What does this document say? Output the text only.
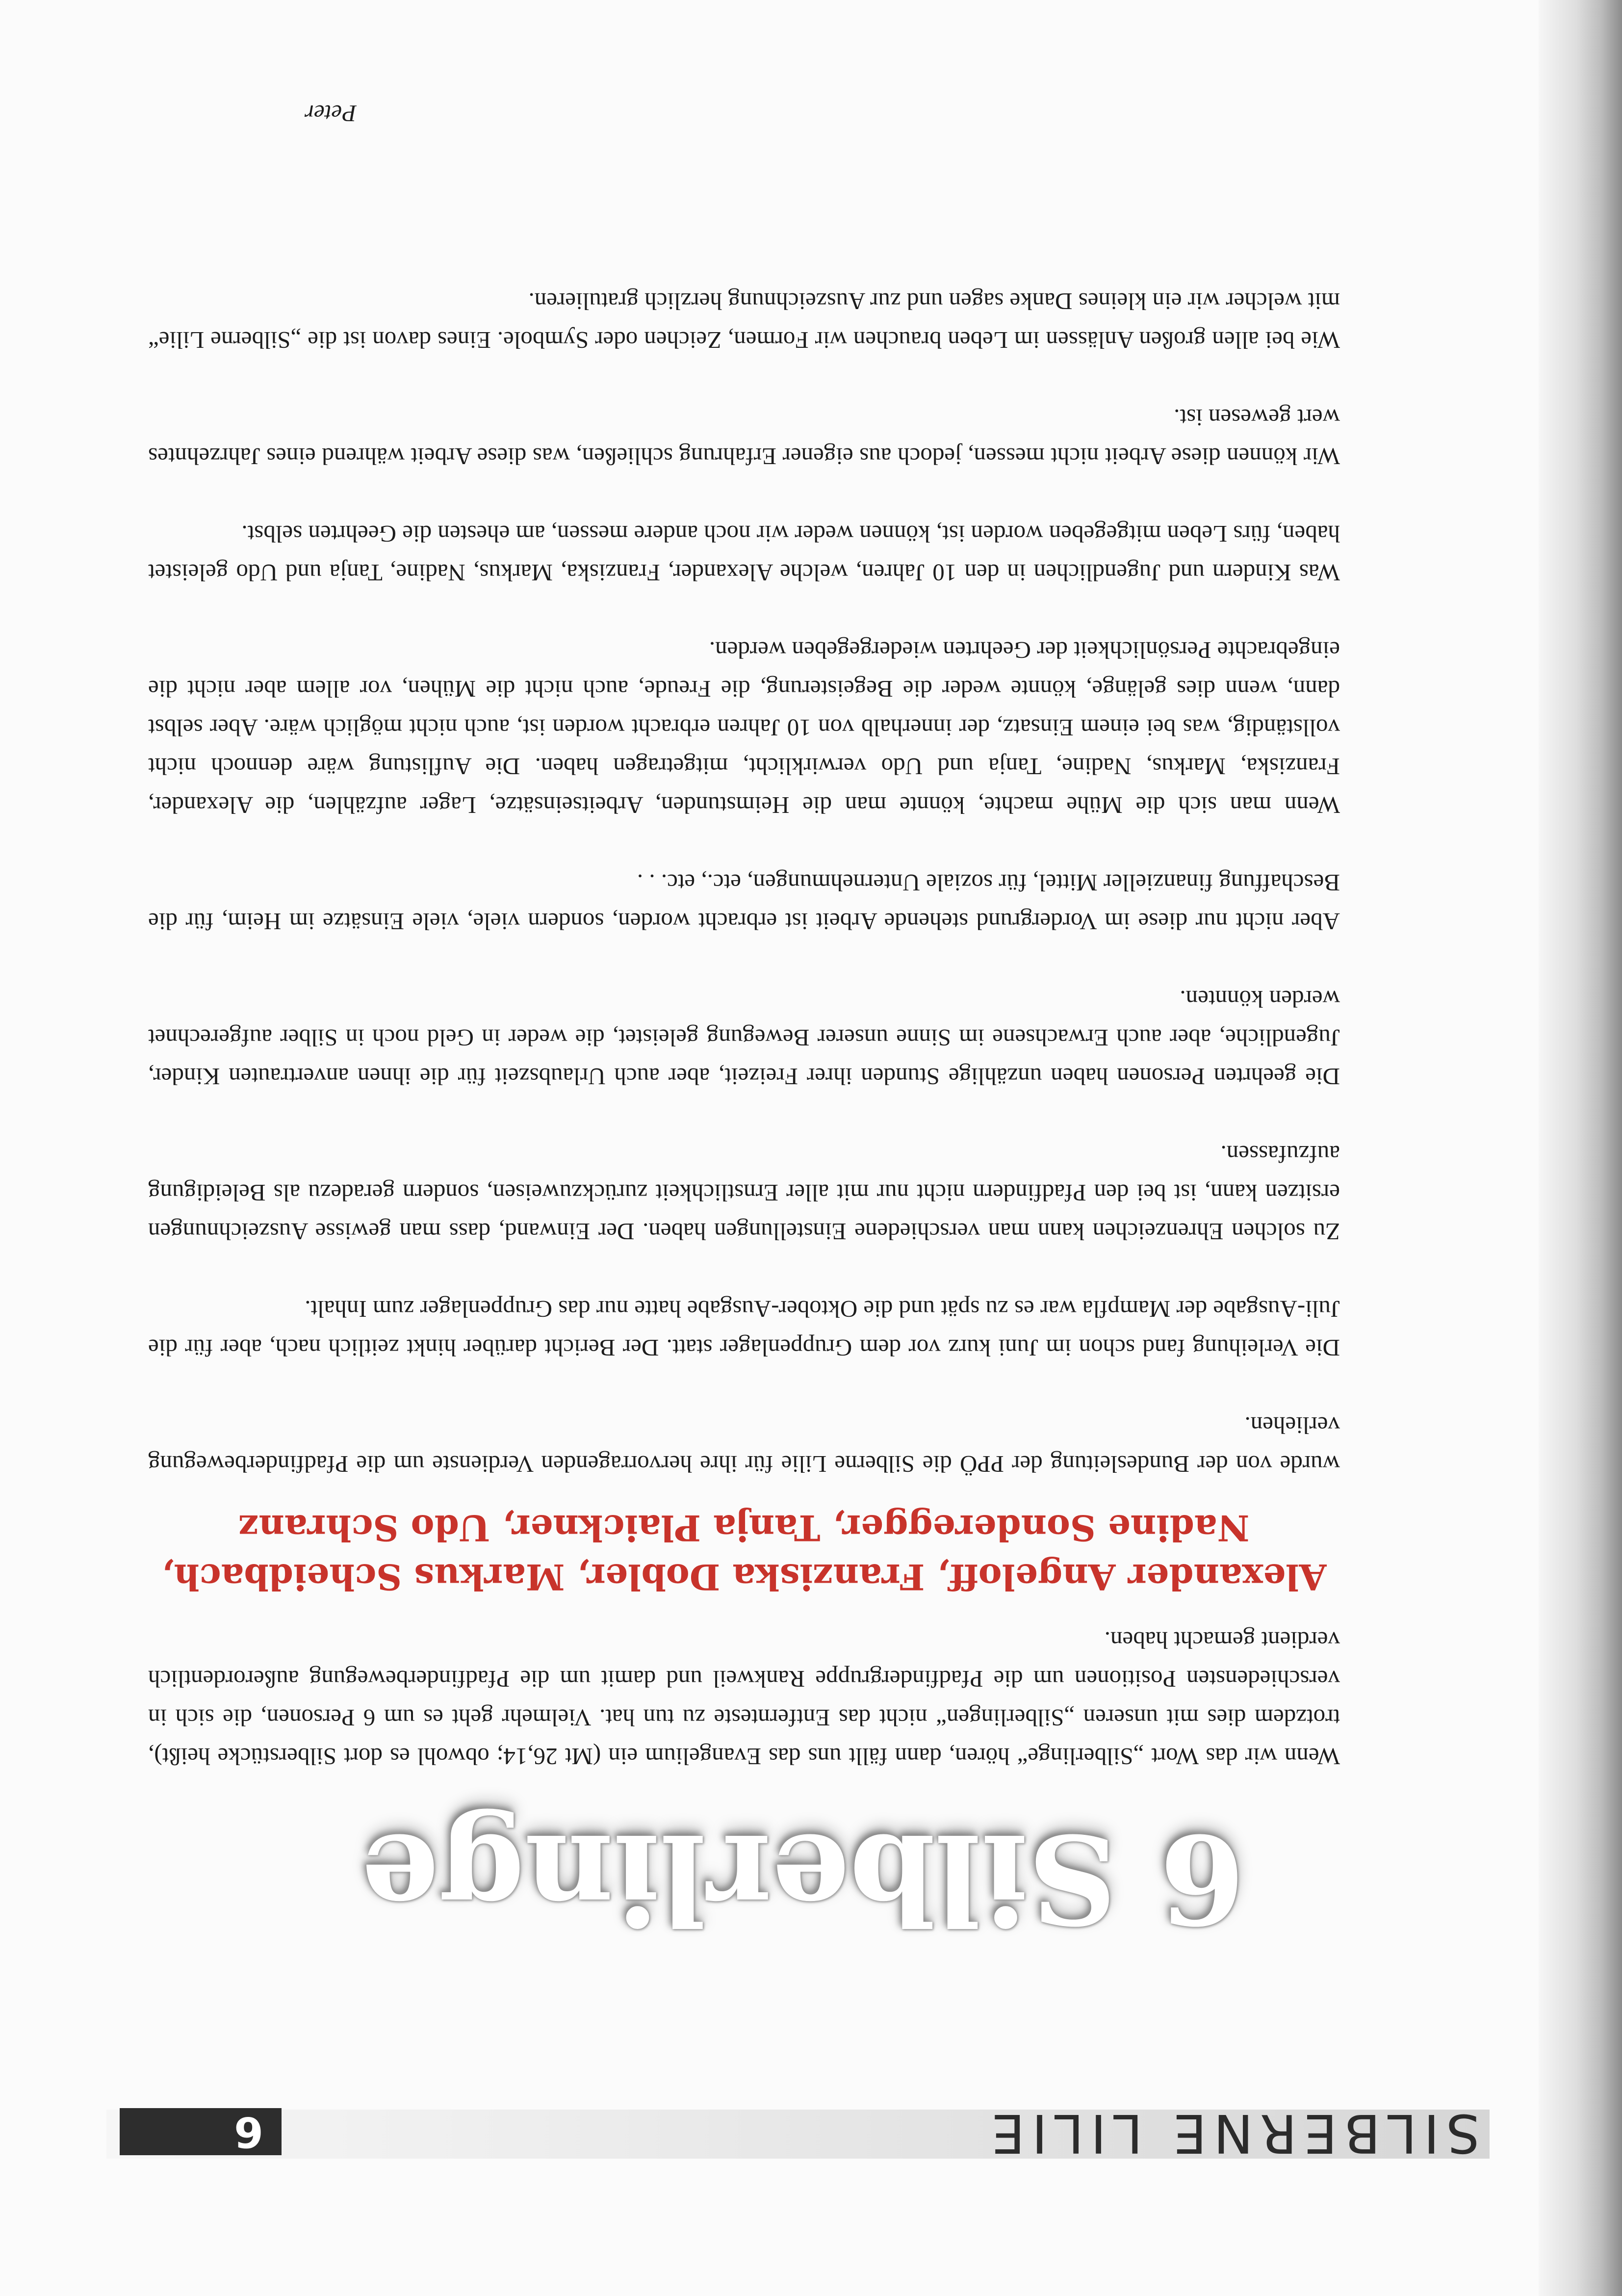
SILBERNE LILIE
6
6 Silberlinge

Wenn wir das Wort „Silberlinge“ hören, dann fällt uns das Evangelium ein (Mt 26,14; obwohl es dort Silberstücke heißt), trotzdem dies mit unseren „Silberlingen“ nicht das Entfernteste zu tun hat. Vielmehr geht es um 6 Personen, die sich in verschiedensten Positionen um die Pfadfindergruppe Rankweil und damit um die Pfadfinderbewegung außerordentlich verdient gemacht haben.

Alexander Angeloff, Franziska Dobler, Markus Scheidbach, Nadine Sonderegger, Tanja Plaickner, Udo Schranz

wurde von der Bundesleitung der PPÖ die Silberne Lilie für ihre hervorragenden Verdienste um die Pfadfinderbewegung verliehen.

Die Verleihung fand schon im Juni kurz vor dem Gruppenlager statt. Der Bericht darüber hinkt zeitlich nach, aber für die Juli-Ausgabe der Mampfla war es zu spät und die Oktober-Ausgabe hatte nur das Gruppenlager zum Inhalt.

Zu solchen Ehrenzeichen kann man verschiedene Einstellungen haben. Der Einwand, dass man gewisse Auszeichnungen ersitzen kann, ist bei den Pfadfindern nicht nur mit aller Ernstlichkeit zurückzuweisen, sondern geradezu als Beleidigung aufzufassen.

Die geehrten Personen haben unzählige Stunden ihrer Freizeit, aber auch Urlaubszeit für die ihnen anvertrauten Kinder, Jugendliche, aber auch Erwachsene im Sinne unserer Bewegung geleistet, die weder in Geld noch in Silber aufgerechnet werden könnten.

Aber nicht nur diese im Vordergrund stehende Arbeit ist erbracht worden, sondern viele, viele Einsätze im Heim, für die Beschaffung finanzieller Mittel, für soziale Unternehmungen, etc., etc. . .

Wenn man sich die Mühe machte, könnte man die Heimstunden, Arbeitseinsätze, Lager aufzählen, die Alexander, Franziska, Markus, Nadine, Tanja und Udo verwirklicht, mitgetragen haben. Die Auflistung wäre dennoch nicht vollständig, was bei einem Einsatz, der innerhalb von 10 Jahren erbracht worden ist, auch nicht möglich wäre. Aber selbst dann, wenn dies gelänge, könnte weder die Begeisterung, die Freude, auch nicht die Mühen, vor allem aber nicht die eingebrachte Persönlichkeit der Geehrten wiedergegeben werden.

Was Kindern und Jugendlichen in den 10 Jahren, welche Alexander, Franziska, Markus, Nadine, Tanja und Udo geleistet haben, fürs Leben mitgegeben worden ist, können weder wir noch andere messen, am ehesten die Geehrten selbst.

Wir können diese Arbeit nicht messen, jedoch aus eigener Erfahrung schließen, was diese Arbeit während eines Jahrzehntes wert gewesen ist.

Wie bei allen großen Anlässen im Leben brauchen wir Formen, Zeichen oder Symbole. Eines davon ist die „Silberne Lilie“ mit welcher wir ein kleines Danke sagen und zur Auszeichnung herzlich gratulieren.

Peter
